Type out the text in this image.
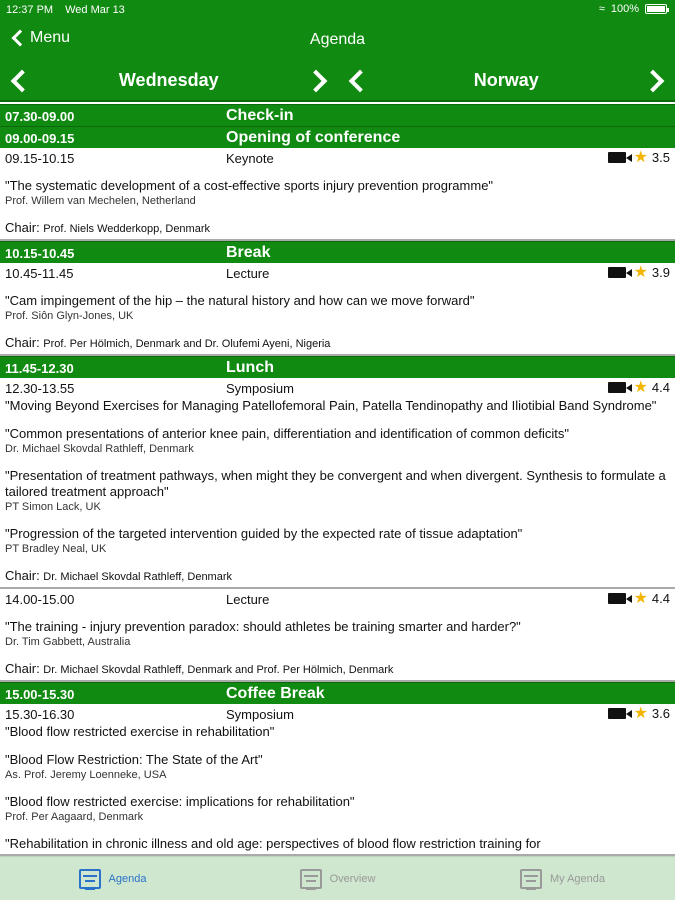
12:37 PM Wed Mar 13	≈ 100%
Menu	Agenda
Wednesday	Norway
07.30-09.00	Check-in
09.00-09.15	Opening of conference
09.15-10.15	Keynote	★ 3.5
"The systematic development of a cost-effective sports injury prevention programme"
Prof. Willem van Mechelen, Netherland
Chair: Prof. Niels Wedderkopp, Denmark
10.15-10.45	Break
10.45-11.45	Lecture	★ 3.9
"Cam impingement of the hip – the natural history and how can we move forward"
Prof. Siôn Glyn-Jones, UK
Chair: Prof. Per Hölmich, Denmark and Dr. Olufemi Ayeni, Nigeria
11.45-12.30	Lunch
12.30-13.55	Symposium	★ 4.4
"Moving Beyond Exercises for Managing Patellofemoral Pain, Patella Tendinopathy and Iliotibial Band Syndrome"
"Common presentations of anterior knee pain, differentiation and identification of common deficits"
Dr. Michael Skovdal Rathleff, Denmark
"Presentation of treatment pathways, when might they be convergent and when divergent. Synthesis to formulate a tailored treatment approach"
PT Simon Lack, UK
"Progression of the targeted intervention guided by the expected rate of tissue adaptation"
PT Bradley Neal, UK
Chair: Dr. Michael Skovdal Rathleff, Denmark
14.00-15.00	Lecture	★ 4.4
"The training - injury prevention paradox: should athletes be training smarter and harder?"
Dr. Tim Gabbett, Australia
Chair: Dr. Michael Skovdal Rathleff, Denmark and Prof. Per Hölmich, Denmark
15.00-15.30	Coffee Break
15.30-16.30	Symposium	★ 3.6
"Blood flow restricted exercise in rehabilitation"
"Blood Flow Restriction: The State of the Art"
As. Prof. Jeremy Loenneke, USA
"Blood flow restricted exercise: implications for rehabilitation"
Prof. Per Aagaard, Denmark
"Rehabilitation in chronic illness and old age: perspectives of blood flow restriction training for
Agenda	Overview	My Agenda
